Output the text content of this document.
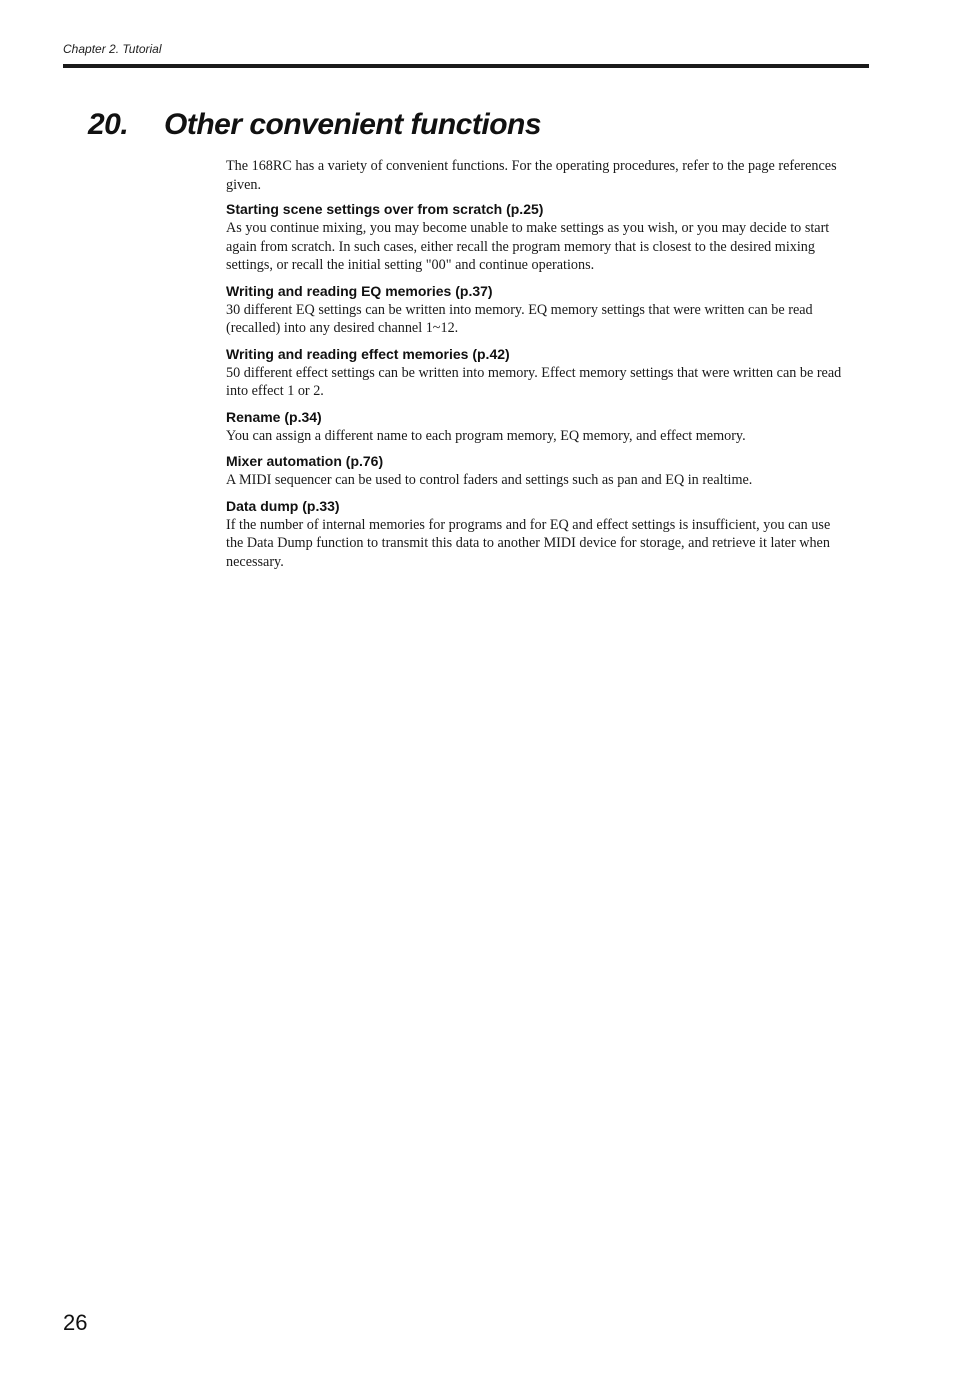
Chapter 2. Tutorial
20. Other convenient functions

The 168RC has a variety of convenient functions. For the operating procedures, refer to the page references given.

Starting scene settings over from scratch (p.25)

As you continue mixing, you may become unable to make settings as you wish, or you may decide to start again from scratch. In such cases, either recall the program memory that is closest to the desired mixing settings, or recall the initial setting "00" and continue operations.

Writing and reading EQ memories (p.37)

30 different EQ settings can be written into memory. EQ memory settings that were written can be read (recalled) into any desired channel 1~12.

Writing and reading effect memories (p.42)

50 different effect settings can be written into memory. Effect memory settings that were written can be read into effect 1 or 2.

Rename (p.34)

You can assign a different name to each program memory, EQ memory, and effect memory.

Mixer automation (p.76)

A MIDI sequencer can be used to control faders and settings such as pan and EQ in realtime.

Data dump (p.33)

If the number of internal memories for programs and for EQ and effect settings is insufficient, you can use the Data Dump function to transmit this data to another MIDI device for storage, and retrieve it later when necessary.

26
